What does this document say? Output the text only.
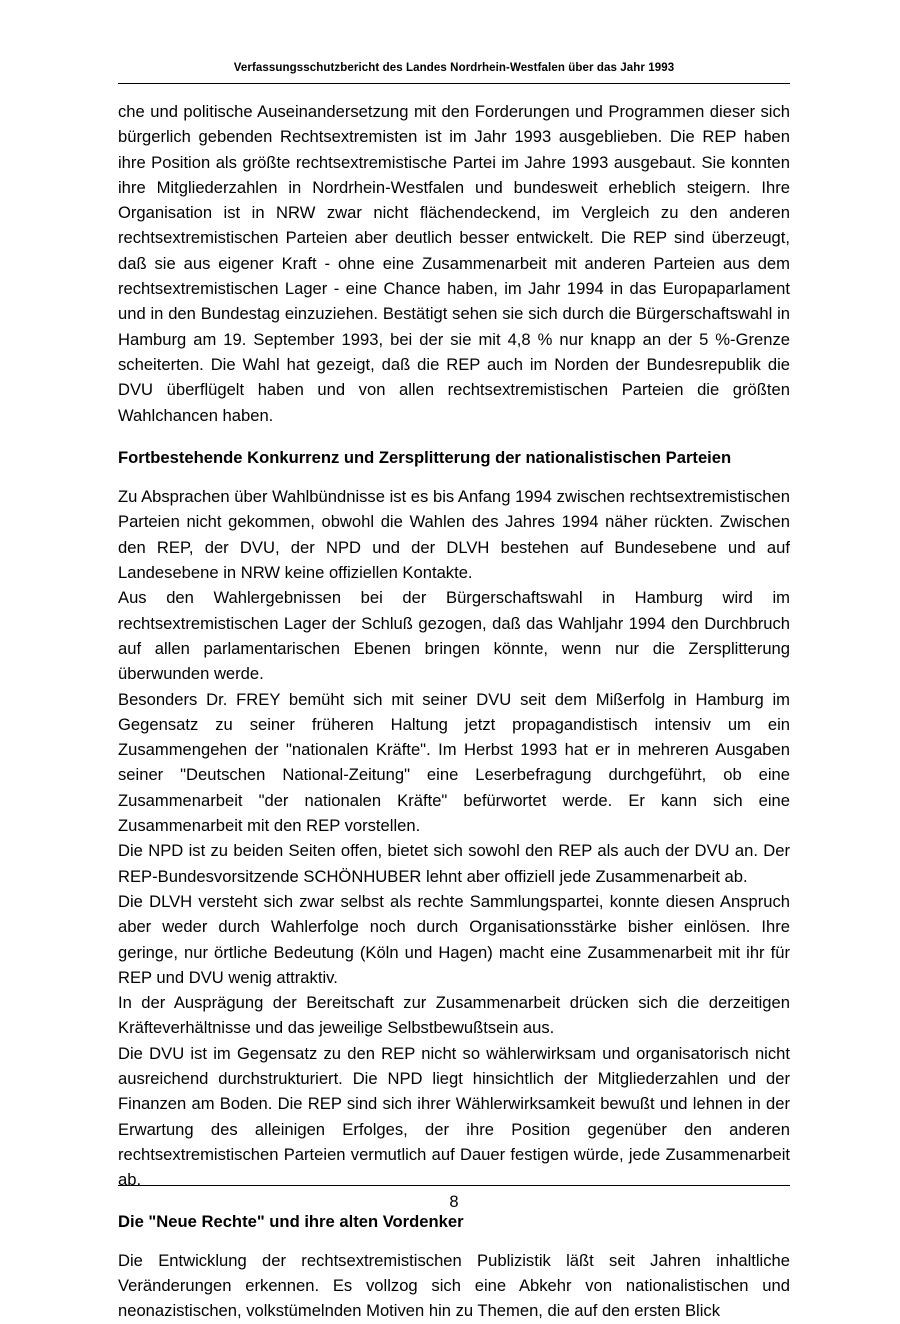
Verfassungsschutzbericht des Landes Nordrhein-Westfalen über das Jahr 1993

che und politische Auseinandersetzung mit den Forderungen und Programmen dieser sich bürgerlich gebenden Rechtsextremisten ist im Jahr 1993 ausgeblieben. Die REP haben ihre Position als größte rechtsextremistische Partei im Jahre 1993 ausgebaut. Sie konnten ihre Mitgliederzahlen in Nordrhein-Westfalen und bundesweit erheblich steigern. Ihre Organisation ist in NRW zwar nicht flächendeckend, im Vergleich zu den anderen rechtsextremistischen Parteien aber deutlich besser entwickelt. Die REP sind überzeugt, daß sie aus eigener Kraft - ohne eine Zusammenarbeit mit anderen Parteien aus dem rechtsextremistischen Lager - eine Chance haben, im Jahr 1994 in das Europaparlament und in den Bundestag einzuziehen. Bestätigt sehen sie sich durch die Bürgerschaftswahl in Hamburg am 19. September 1993, bei der sie mit 4,8 % nur knapp an der 5 %-Grenze scheiterten. Die Wahl hat gezeigt, daß die REP auch im Norden der Bundesrepublik die DVU überflügelt haben und von allen rechtsextremistischen Parteien die größten Wahlchancen haben.

Fortbestehende Konkurrenz und Zersplitterung der nationalistischen Parteien

Zu Absprachen über Wahlbündnisse ist es bis Anfang 1994 zwischen rechtsextremistischen Parteien nicht gekommen, obwohl die Wahlen des Jahres 1994 näher rückten. Zwischen den REP, der DVU, der NPD und der DLVH bestehen auf Bundesebene und auf Landesebene in NRW keine offiziellen Kontakte.

Aus den Wahlergebnissen bei der Bürgerschaftswahl in Hamburg wird im rechtsextremistischen Lager der Schluß gezogen, daß das Wahljahr 1994 den Durchbruch auf allen parlamentarischen Ebenen bringen könnte, wenn nur die Zersplitterung überwunden werde.

Besonders Dr. FREY bemüht sich mit seiner DVU seit dem Mißerfolg in Hamburg im Gegensatz zu seiner früheren Haltung jetzt propagandistisch intensiv um ein Zusammengehen der "nationalen Kräfte". Im Herbst 1993 hat er in mehreren Ausgaben seiner "Deutschen National-Zeitung" eine Leserbefragung durchgeführt, ob eine Zusammenarbeit "der nationalen Kräfte" befürwortet werde. Er kann sich eine Zusammenarbeit mit den REP vorstellen.

Die NPD ist zu beiden Seiten offen, bietet sich sowohl den REP als auch der DVU an. Der REP-Bundesvorsitzende SCHÖNHUBER lehnt aber offiziell jede Zusammenarbeit ab.

Die DLVH versteht sich zwar selbst als rechte Sammlungspartei, konnte diesen Anspruch aber weder durch Wahlerfolge noch durch Organisationsstärke bisher einlösen. Ihre geringe, nur örtliche Bedeutung (Köln und Hagen) macht eine Zusammenarbeit mit ihr für REP und DVU wenig attraktiv.

In der Ausprägung der Bereitschaft zur Zusammenarbeit drücken sich die derzeitigen Kräfteverhältnisse und das jeweilige Selbstbewußtsein aus.

Die DVU ist im Gegensatz zu den REP nicht so wählerwirksam und organisatorisch nicht ausreichend durchstrukturiert. Die NPD liegt hinsichtlich der Mitgliederzahlen und der Finanzen am Boden. Die REP sind sich ihrer Wählerwirksamkeit bewußt und lehnen in der Erwartung des alleinigen Erfolges, der ihre Position gegenüber den anderen rechtsextremistischen Parteien vermutlich auf Dauer festigen würde, jede Zusammenarbeit ab.

Die "Neue Rechte" und ihre alten Vordenker

Die Entwicklung der rechtsextremistischen Publizistik läßt seit Jahren inhaltliche Veränderungen erkennen. Es vollzog sich eine Abkehr von nationalistischen und neonazistischen, volkstümelnden Motiven hin zu Themen, die auf den ersten Blick

8
